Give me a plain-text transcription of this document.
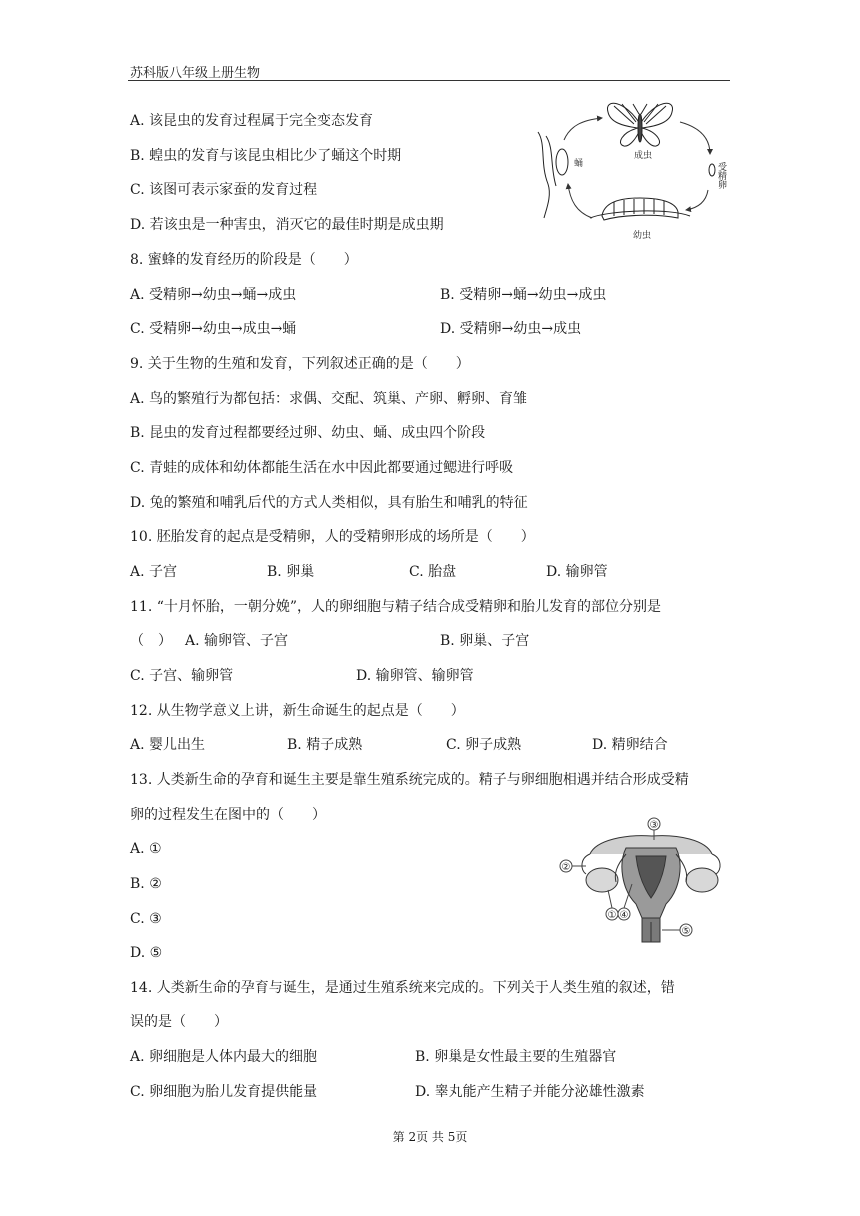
苏科版八年级上册生物
A. 该昆虫的发育过程属于完全变态发育
B. 蝗虫的发育与该昆虫相比少了蛹这个时期
C. 该图可表示家蚕的发育过程
D. 若该虫是一种害虫，消灭它的最佳时期是成虫期
成虫
受精卵
幼虫
蛹
8. 蜜蜂的发育经历的阶段是（　　）
A. 受精卵→幼虫→蛹→成虫	B. 受精卵→蛹→幼虫→成虫
C. 受精卵→幼虫→成虫→蛹	D. 受精卵→幼虫→成虫
9. 关于生物的生殖和发育，下列叙述正确的是（　　）
A. 鸟的繁殖行为都包括：求偶、交配、筑巢、产卵、孵卵、育雏
B. 昆虫的发育过程都要经过卵、幼虫、蛹、成虫四个阶段
C. 青蛙的成体和幼体都能生活在水中因此都要通过鳃进行呼吸
D. 兔的繁殖和哺乳后代的方式人类相似，具有胎生和哺乳的特征
10. 胚胎发育的起点是受精卵，人的受精卵形成的场所是（　　）
A. 子宫	B. 卵巢	C. 胎盘	D. 输卵管
11. “十月怀胎，一朝分娩”，人的卵细胞与精子结合成受精卵和胎儿发育的部位分别是
（　） A. 输卵管、子宫	B. 卵巢、子宫
C. 子宫、输卵管	D. 输卵管、输卵管
12. 从生物学意义上讲，新生命诞生的起点是（　　）
A. 婴儿出生	B. 精子成熟	C. 卵子成熟	D. 精卵结合
13. 人类新生命的孕育和诞生主要是靠生殖系统完成的。精子与卵细胞相遇并结合形成受精
卵的过程发生在图中的（　　）
A. ①
B. ②
C. ③
D. ⑤
③
②
① ④
⑤
14. 人类新生命的孕育与诞生，是通过生殖系统来完成的。下列关于人类生殖的叙述，错
误的是（　　）
A. 卵细胞是人体内最大的细胞	B. 卵巢是女性最主要的生殖器官
C. 卵细胞为胎儿发育提供能量	D. 睾丸能产生精子并能分泌雄性激素
第 2页 共 5页
